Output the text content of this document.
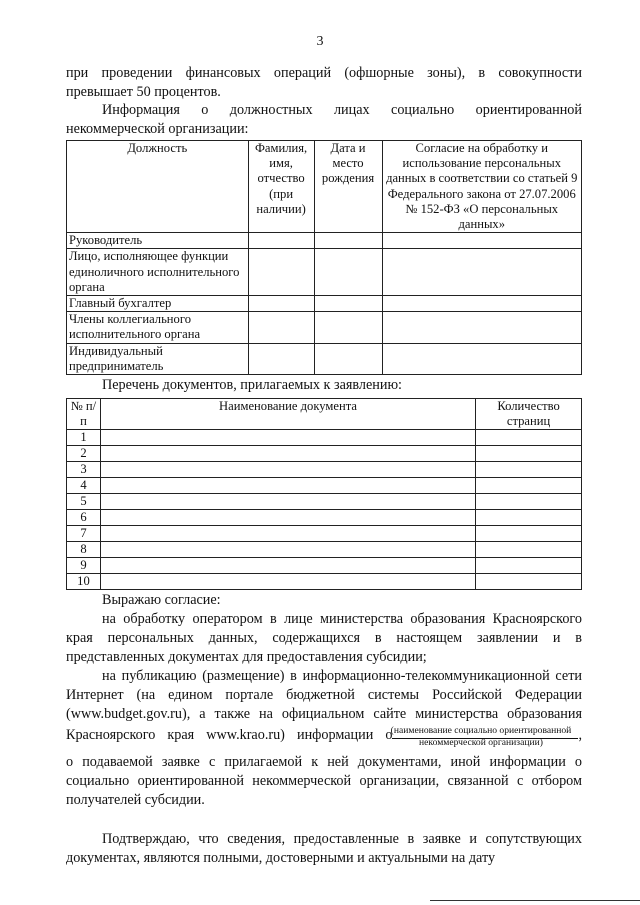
3

при проведении финансовых операций (офшорные зоны), в совокупности превышает 50 процентов.

Информация о должностных лицах социально ориентированной некоммерческой организации:

Должность	Фамилия, имя, отчество (при наличии)	Дата и место рождения	Согласие на обработку и использование персональных данных в соответствии со статьей 9 Федерального закона от 27.07.2006 № 152-ФЗ «О персональных данных»
Руководитель			
Лицо, исполняющее функции единоличного исполнительного органа			
Главный бухгалтер			
Члены коллегиального исполнительного органа			
Индивидуальный предприниматель			

Перечень документов, прилагаемых к заявлению:

№ п/п	Наименование документа	Количество страниц
1		
2		
3		
4		
5		
6		
7		
8		
9		
10		

Выражаю согласие:

на обработку оператором в лице министерства образования Красноярского края персональных данных, содержащихся в настоящем заявлении и в представленных документах для предоставления субсидии;

на публикацию (размещение) в информационно-телекоммуникационной сети Интернет (на едином портале бюджетной системы Российской Федерации (www.budget.gov.ru), а также на официальном сайте министерства образования Красноярского края www.krao.ru) информации о	,

(наименование социально ориентированной некоммерческой организации)

о подаваемой заявке с прилагаемой к ней документами, иной информации о социально ориентированной некоммерческой организации, связанной с отбором получателей субсидии.

Подтверждаю, что сведения, предоставленные в заявке и сопутствующих документах, являются полными, достоверными и актуальными на дату
